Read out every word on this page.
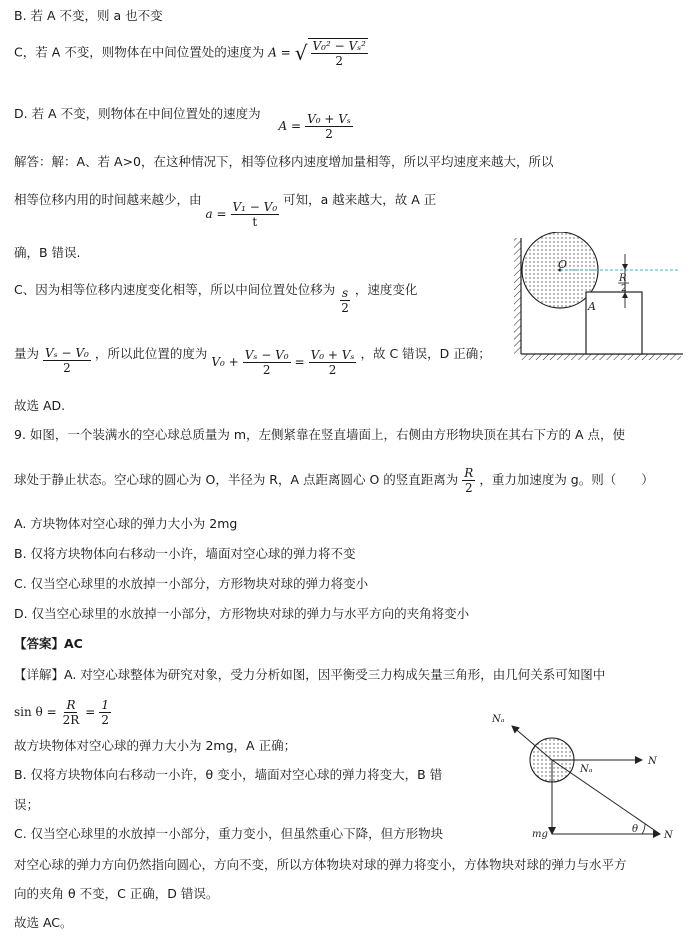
B. 若 A 不变，则 a 也不变
C，若 A 不变，则物体在中间位置处的速度为 A = √ $\frac{\text{V₀² − Vₛ²}}{2}$
D. 若 A 不变，则物体在中间位置处的速度为  $A = \frac{\text{V₀ + Vₛ}}{2}$
解答：解：A、若 A>0，在这种情况下，相等位移内速度增加量相等，所以平均速度来越大，所以
相等位移内用的时间越来越少，由 $a = \frac{\text{V₁ − V₀}}{t}$
可知，a 越来越大，故 A 正
确，B 错误.
C、因为相等位移内速度变化相等，所以中间位置处位移为 $\frac{s}{2}$ ，速度变化
量为 $\frac{\text{Vₛ − V₀}}{2}$ ，所以此位置的度为 $V_0 + \frac{\text{Vₛ − V₀}}{2} = \frac{\text{V₀ + Vₛ}}{2}$ ，故 C 错误，D 正确；
故选 AD.
9. 如图，一个装满水的空心球总质量为 m，左侧紧靠在竖直墙面上，右侧由方形物块顶在其右下方的 A 点，使
球处于静止状态。空心球的圆心为 O，半径为 R，A 点距离圆心 O 的竖直距离为 $\frac{R}{2}$ ，重力加速度为 g。则（　　）
A. 方块物体对空心球的弹力大小为 2mg
B. 仅将方块物体向右移动一小许，墙面对空心球的弹力将不变
C. 仅当空心球里的水放掉一小部分，方形物块对球的弹力将变小
D. 仅当空心球里的水放掉一小部分，方形物块对球的弹力与水平方向的夹角将变小
【答案】AC
【详解】A. 对空心球整体为研究对象，受力分析如图，因平衡受三力构成矢量三角形，由几何关系可知图中
$\sin \theta = \frac{R}{2R} = \frac{1}{2}$
故方块物体对空心球的弹力大小为 2mg，A 正确；
B. 仅将方块物体向右移动一小许，θ 变小，墙面对空心球的弹力将变大，B 错
误；
C. 仅当空心球里的水放掉一小部分，重力变小，但虽然重心下降，但方形物块
对空心球的弹力方向仍然指向圆心，方向不变，所以方体物块对球的弹力将变小，方体物块对球的弹力与水平方
向的夹角 θ 不变，C 正确，D 错误。
故选 AC。
O
R
2
A
Nₐ
Nₐ
N
mg	θ
N
